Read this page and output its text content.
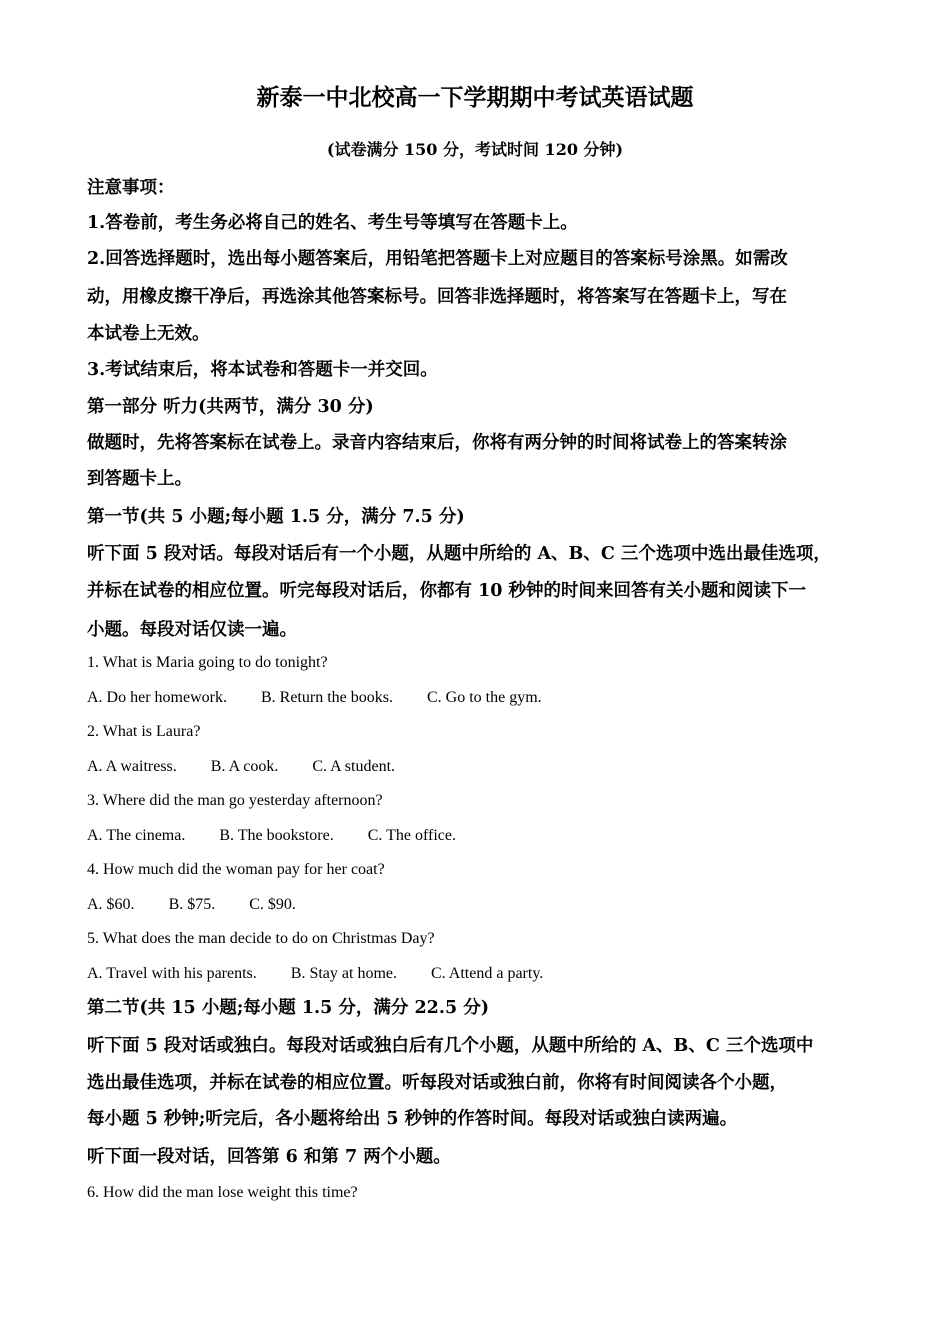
新泰一中北校高一下学期期中考试英语试题
(试卷满分 150 分，考试时间 120 分钟)
注意事项：
1.答卷前，考生务必将自己的姓名、考生号等填写在答题卡上。
2.回答选择题时，选出每小题答案后，用铅笔把答题卡上对应题目的答案标号涂黑。如需改
动，用橡皮擦干净后，再选涂其他答案标号。回答非选择题时，将答案写在答题卡上，写在
本试卷上无效。
3.考试结束后，将本试卷和答题卡一并交回。
第一部分 听力(共两节，满分 30 分)
做题时，先将答案标在试卷上。录音内容结束后，你将有两分钟的时间将试卷上的答案转涂
到答题卡上。
第一节(共 5 小题;每小题 1.5 分，满分 7.5 分)
听下面 5 段对话。每段对话后有一个小题，从题中所给的 A、B、C 三个选项中选出最佳选项，
并标在试卷的相应位置。听完每段对话后，你都有 10 秒钟的时间来回答有关小题和阅读下一
小题。每段对话仅读一遍。
1. What is Maria going to do tonight?
A. Do her homework. B. Return the books. C. Go to the gym.
2. What is Laura?
A. A waitress. B. A cook. C. A student.
3. Where did the man go yesterday afternoon?
A. The cinema. B. The bookstore. C. The office.
4. How much did the woman pay for her coat?
A. $60. B. $75. C. $90.
5. What does the man decide to do on Christmas Day?
A. Travel with his parents. B. Stay at home. C. Attend a party.
第二节(共 15 小题;每小题 1.5 分，满分 22.5 分)
听下面 5 段对话或独白。每段对话或独白后有几个小题，从题中所给的 A、B、C 三个选项中
选出最佳选项，并标在试卷的相应位置。听每段对话或独白前，你将有时间阅读各个小题，
每小题 5 秒钟;听完后，各小题将给出 5 秒钟的作答时间。每段对话或独白读两遍。
听下面一段对话，回答第 6 和第 7 两个小题。
6. How did the man lose weight this time?
